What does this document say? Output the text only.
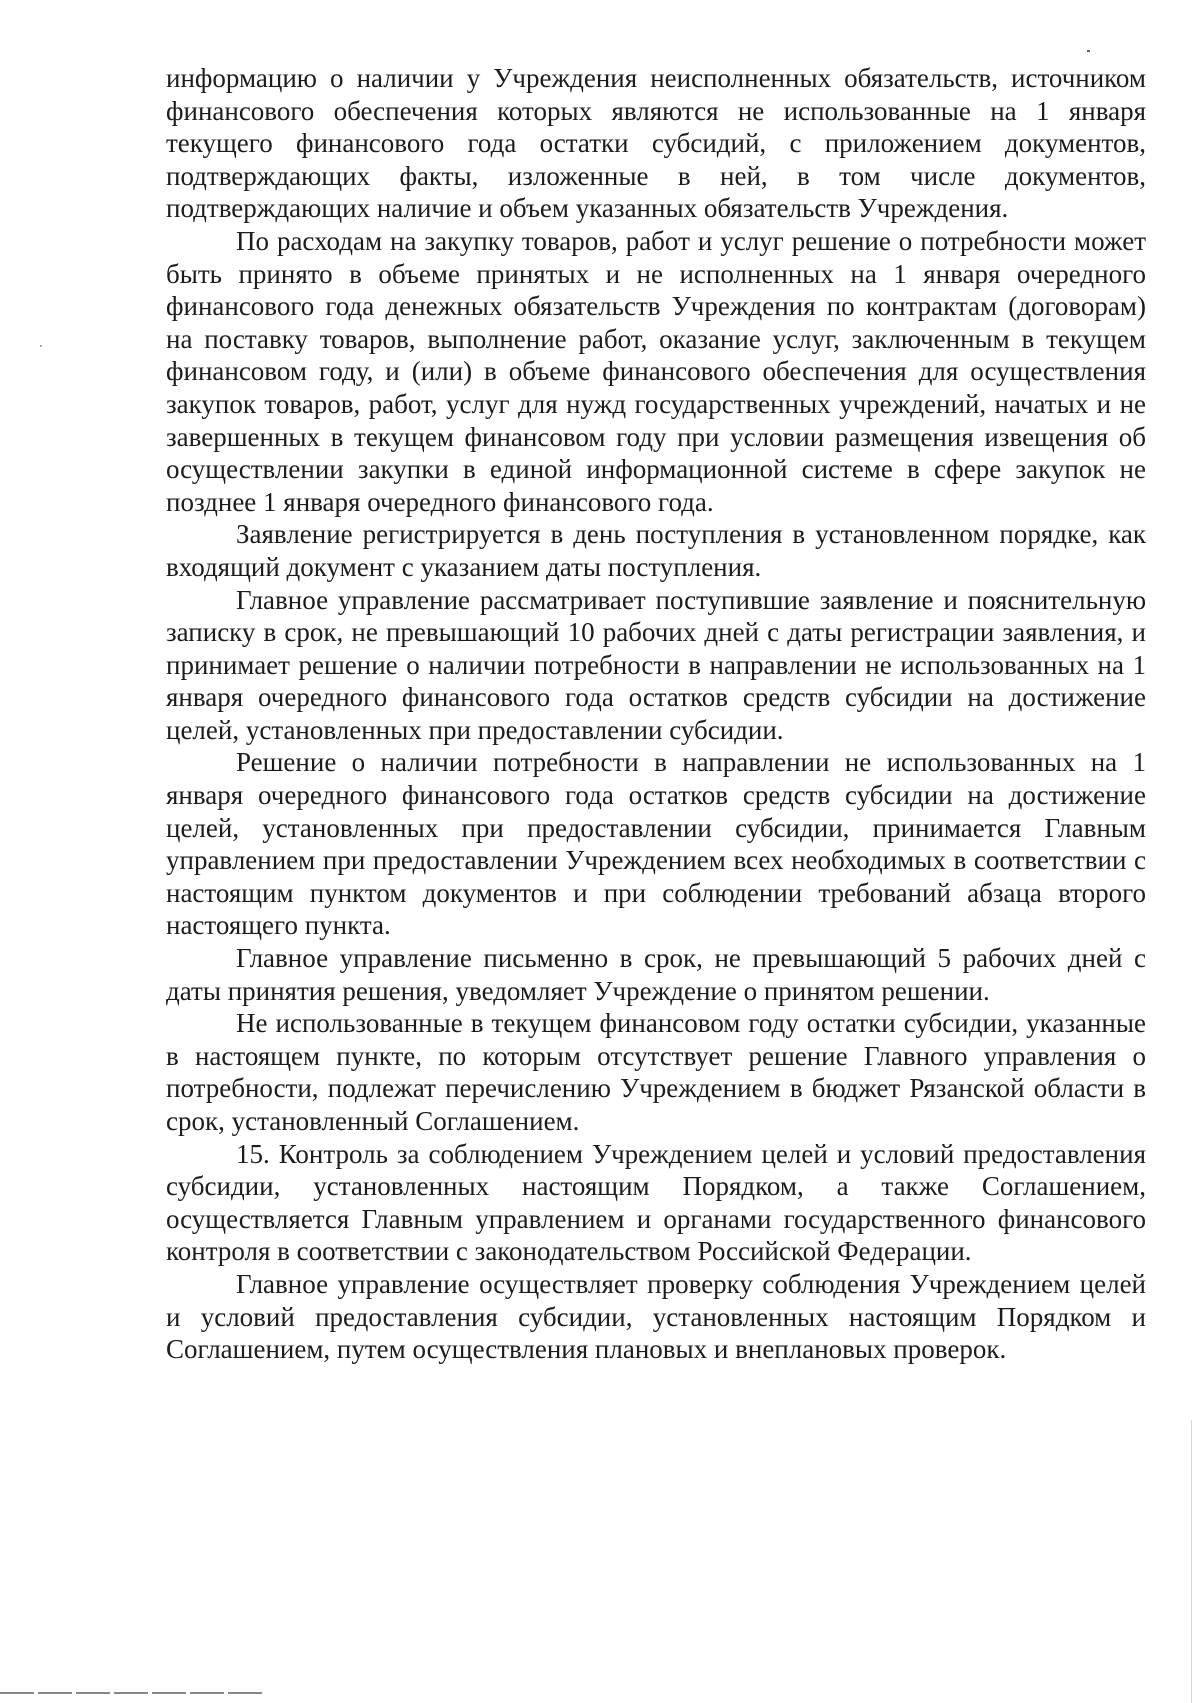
информацию о наличии у Учреждения неисполненных обязательств, источником финансового обеспечения которых являются не использованные на 1 января текущего финансового года остатки субсидий, с приложением документов, подтверждающих факты, изложенные в ней, в том числе документов, подтверждающих наличие и объем указанных обязательств Учреждения.

По расходам на закупку товаров, работ и услуг решение о потребности может быть принято в объеме принятых и не исполненных на 1 января очередного финансового года денежных обязательств Учреждения по контрактам (договорам) на поставку товаров, выполнение работ, оказание услуг, заключенным в текущем финансовом году, и (или) в объеме финансового обеспечения для осуществления закупок товаров, работ, услуг для нужд государственных учреждений, начатых и не завершенных в текущем финансовом году при условии размещения извещения об осуществлении закупки в единой информационной системе в сфере закупок не позднее 1 января очередного финансового года.

Заявление регистрируется в день поступления в установленном порядке, как входящий документ с указанием даты поступления.

Главное управление рассматривает поступившие заявление и пояснительную записку в срок, не превышающий 10 рабочих дней с даты регистрации заявления, и принимает решение о наличии потребности в направлении не использованных на 1 января очередного финансового года остатков средств субсидии на достижение целей, установленных при предоставлении субсидии.

Решение о наличии потребности в направлении не использованных на 1 января очередного финансового года остатков средств субсидии на достижение целей, установленных при предоставлении субсидии, принимается Главным управлением при предоставлении Учреждением всех необходимых в соответствии с настоящим пунктом документов и при соблюдении требований абзаца второго настоящего пункта.

Главное управление письменно в срок, не превышающий 5 рабочих дней с даты принятия решения, уведомляет Учреждение о принятом решении.

Не использованные в текущем финансовом году остатки субсидии, указанные в настоящем пункте, по которым отсутствует решение Главного управления о потребности, подлежат перечислению Учреждением в бюджет Рязанской области в срок, установленный Соглашением.

15. Контроль за соблюдением Учреждением целей и условий предоставления субсидии, установленных настоящим Порядком, а также Соглашением, осуществляется Главным управлением и органами государственного финансового контроля в соответствии с законодательством Российской Федерации.

Главное управление осуществляет проверку соблюдения Учреждением целей и условий предоставления субсидии, установленных настоящим Порядком и Соглашением, путем осуществления плановых и внеплановых проверок.
